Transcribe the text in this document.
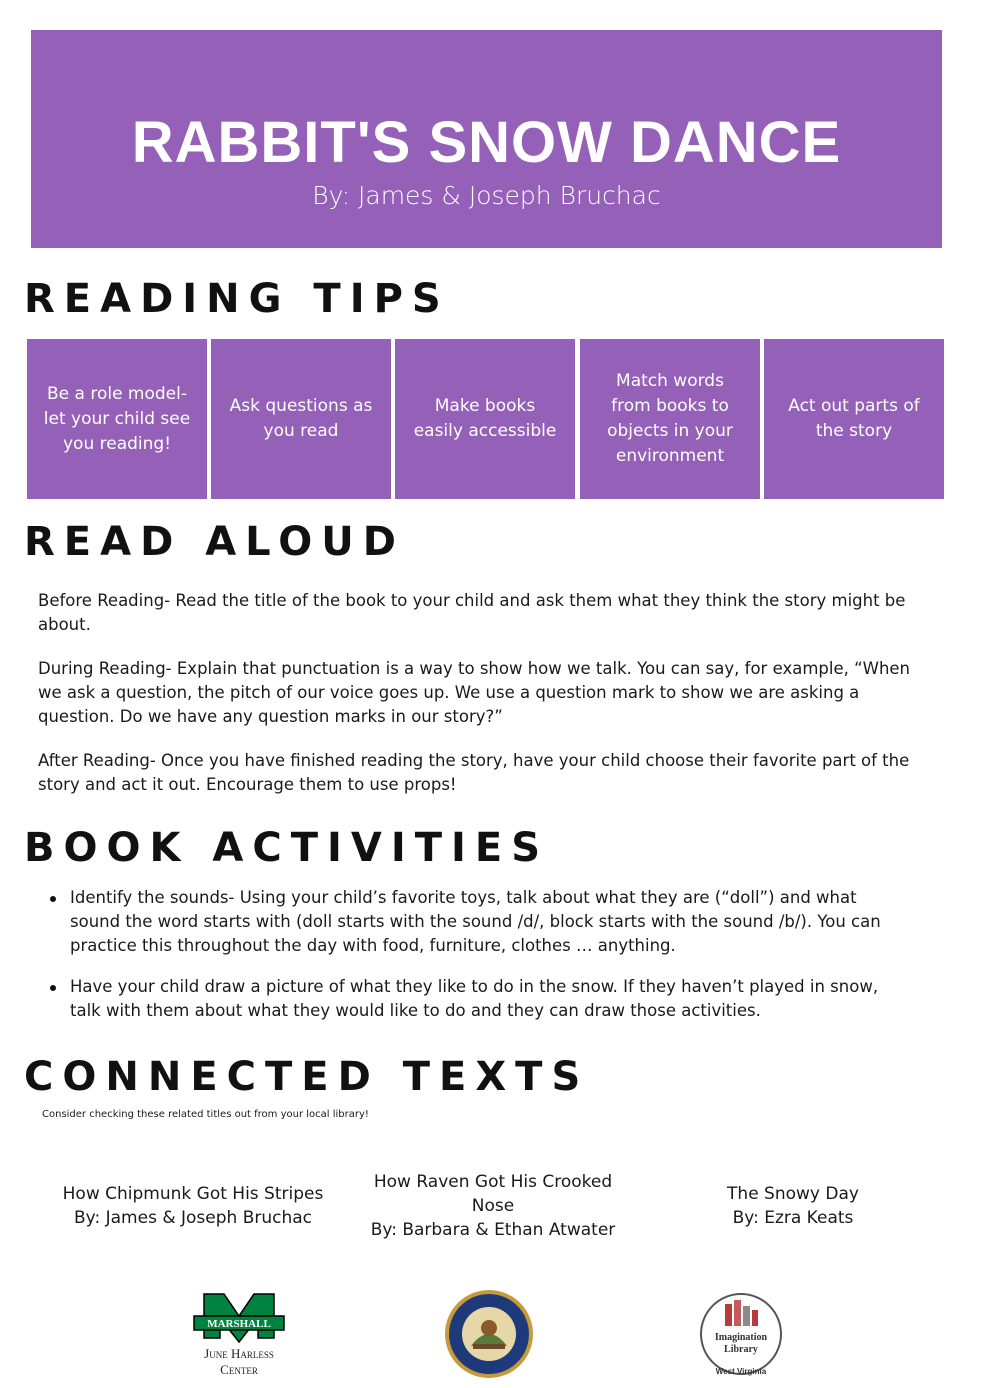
RABBIT'S SNOW DANCE
By: James & Joseph Bruchac
READING TIPS
Be a role model- let your child see you reading!
Ask questions as you read
Make books easily accessible
Match words from books to objects in your environment
Act out parts of the story
READ ALOUD
Before Reading- Read the title of the book to your child and ask them what they think the story might be about.
During Reading- Explain that punctuation is a way to show how we talk. You can say, for example, “When we ask a question, the pitch of our voice goes up. We use a question mark to show we are asking a question. Do we have any question marks in our story?”
After Reading- Once you have finished reading the story, have your child choose their favorite part of the story and act it out. Encourage them to use props!
BOOK ACTIVITIES
Identify the sounds- Using your child’s favorite toys, talk about what they are (“doll”) and what sound the word starts with (doll starts with the sound /d/, block starts with the sound /b/). You can practice this throughout the day with food, furniture, clothes … anything.
Have your child draw a picture of what they like to do in the snow. If they haven’t played in snow, talk with them about what they would like to do and they can draw those activities.
CONNECTED TEXTS
Consider checking these related titles out from your local library!
How Chipmunk Got His Stripes
By: James & Joseph Bruchac
How Raven Got His Crooked Nose
By: Barbara & Ethan Atwater
The Snowy Day
By: Ezra Keats
MARSHALL
June Harless
Center
Imagination
Library
West Virginia
